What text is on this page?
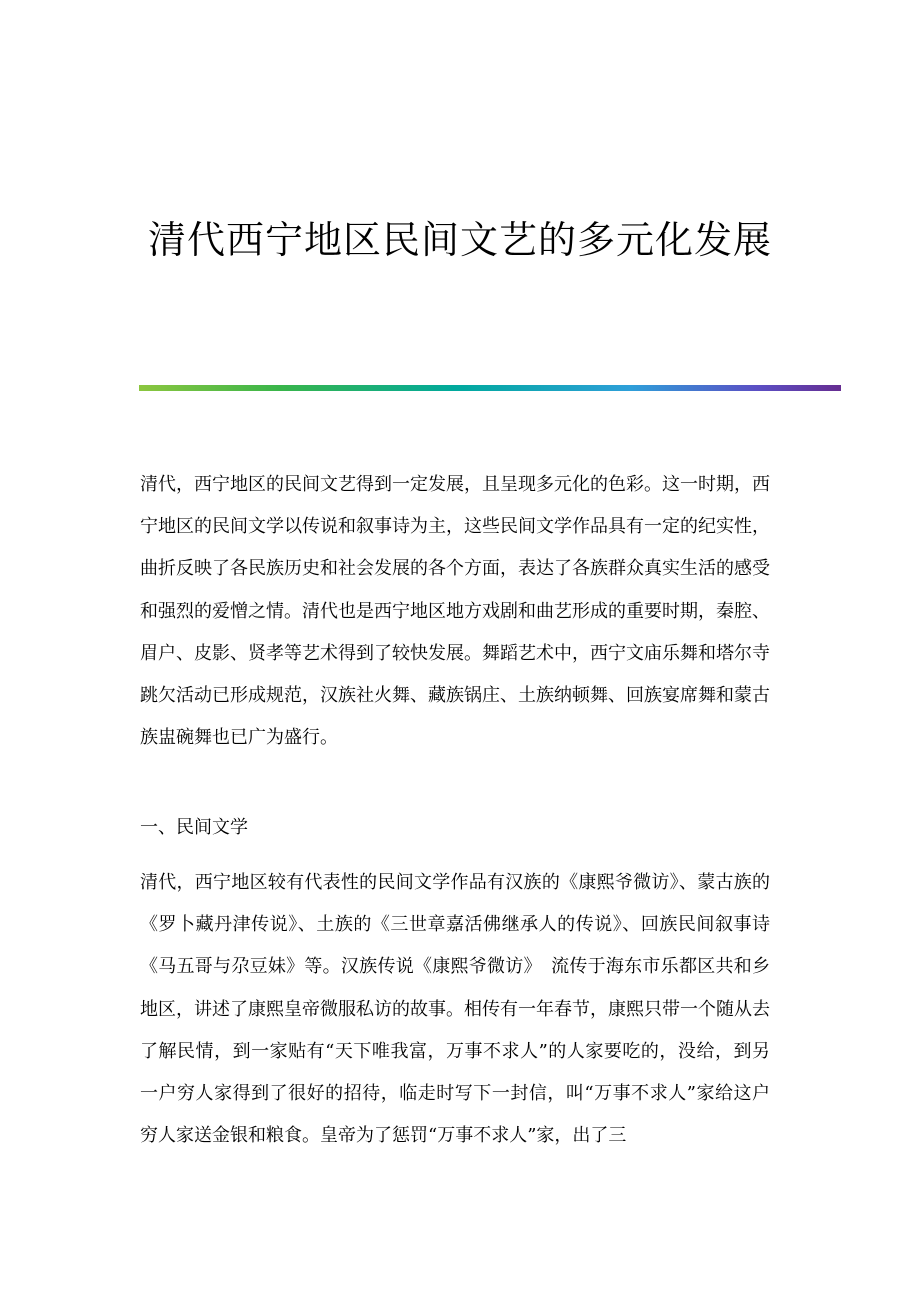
清代西宁地区民间文艺的多元化发展

清代，西宁地区的民间文艺得到一定发展，且呈现多元化的色彩。这一时期，西宁地区的民间文学以传说和叙事诗为主，这些民间文学作品具有一定的纪实性，曲折反映了各民族历史和社会发展的各个方面，表达了各族群众真实生活的感受和强烈的爱憎之情。清代也是西宁地区地方戏剧和曲艺形成的重要时期，秦腔、眉户、皮影、贤孝等艺术得到了较快发展。舞蹈艺术中，西宁文庙乐舞和塔尔寺跳欠活动已形成规范，汉族社火舞、藏族锅庄、土族纳顿舞、回族宴席舞和蒙古族盅碗舞也已广为盛行。

一、民间文学

清代，西宁地区较有代表性的民间文学作品有汉族的《康熙爷微访》、蒙古族的《罗卜藏丹津传说》、土族的《三世章嘉活佛继承人的传说》、回族民间叙事诗《马五哥与尕豆妹》等。汉族传说《康熙爷微访》　流传于海东市乐都区共和乡地区，讲述了康熙皇帝微服私访的故事。相传有一年春节，康熙只带一个随从去了解民情，到一家贴有“天下唯我富，万事不求人”的人家要吃的，没给，到另一户穷人家得到了很好的招待，临走时写下一封信，叫“万事不求人”家给这户穷人家送金银和粮食。皇帝为了惩罚“万事不求人”家，出了三
